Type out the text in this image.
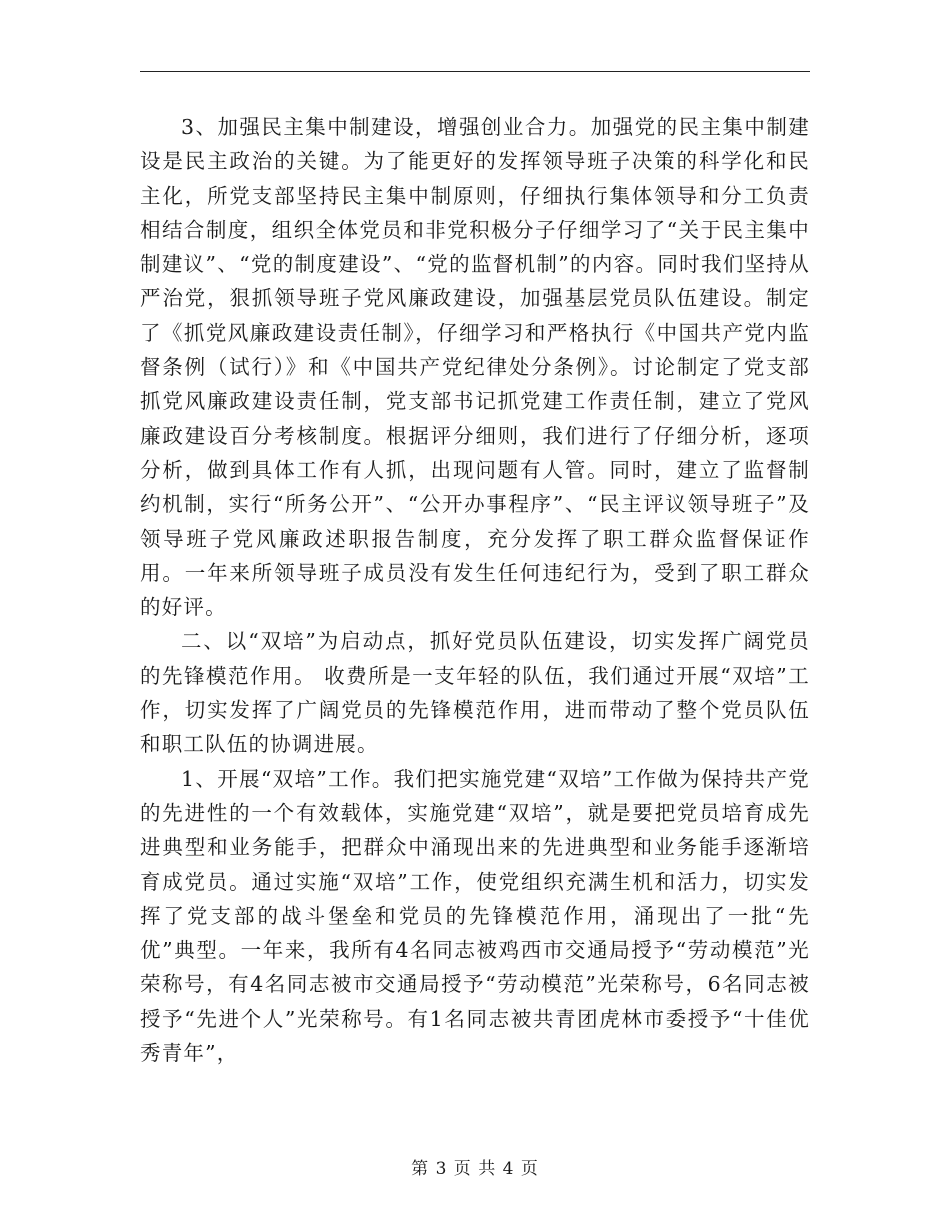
3、加强民主集中制建设，增强创业合力。加强党的民主集中制建设是民主政治的关键。为了能更好的发挥领导班子决策的科学化和民主化，所党支部坚持民主集中制原则，仔细执行集体领导和分工负责相结合制度，组织全体党员和非党积极分子仔细学习了“关于民主集中制建议”、“党的制度建设”、“党的监督机制”的内容。同时我们坚持从严治党，狠抓领导班子党风廉政建设，加强基层党员队伍建设。制定了《抓党风廉政建设责任制》，仔细学习和严格执行《中国共产党内监督条例（试行）》和《中国共产党纪律处分条例》。讨论制定了党支部抓党风廉政建设责任制，党支部书记抓党建工作责任制，建立了党风廉政建设百分考核制度。根据评分细则，我们进行了仔细分析，逐项分析，做到具体工作有人抓，出现问题有人管。同时，建立了监督制约机制，实行“所务公开”、“公开办事程序”、“民主评议领导班子”及领导班子党风廉政述职报告制度，充分发挥了职工群众监督保证作用。一年来所领导班子成员没有发生任何违纪行为，受到了职工群众的好评。

二、以“双培”为启动点，抓好党员队伍建设，切实发挥广阔党员的先锋模范作用。 收费所是一支年轻的队伍，我们通过开展“双培”工作，切实发挥了广阔党员的先锋模范作用，进而带动了整个党员队伍和职工队伍的协调进展。

1、开展“双培”工作。我们把实施党建“双培”工作做为保持共产党的先进性的一个有效载体，实施党建“双培”，就是要把党员培育成先进典型和业务能手，把群众中涌现出来的先进典型和业务能手逐渐培育成党员。通过实施“双培”工作，使党组织充满生机和活力，切实发挥了党支部的战斗堡垒和党员的先锋模范作用，涌现出了一批“先优”典型。一年来，我所有4名同志被鸡西市交通局授予“劳动模范”光荣称号，有4名同志被市交通局授予“劳动模范”光荣称号，6名同志被授予“先进个人”光荣称号。有1名同志被共青团虎林市委授予“十佳优秀青年”，

第 3 页 共 4 页
